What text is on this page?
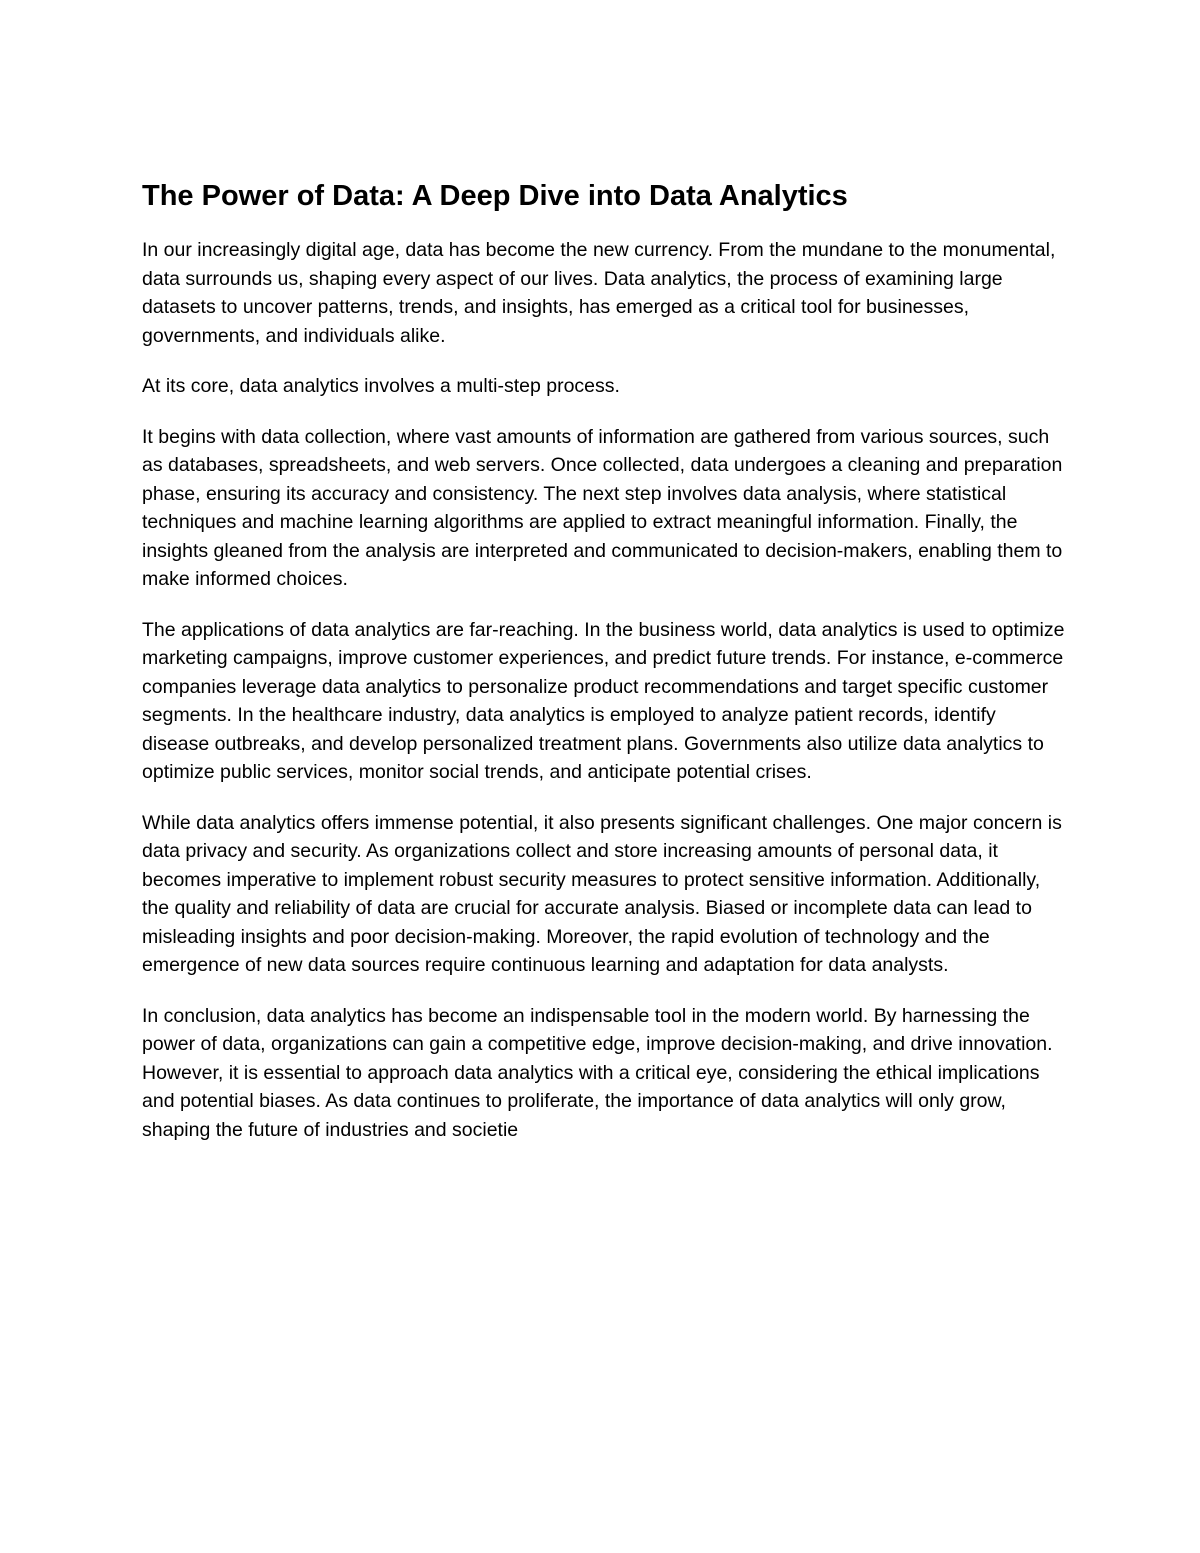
The Power of Data: A Deep Dive into Data Analytics

In our increasingly digital age, data has become the new currency. From the mundane to the monumental, data surrounds us, shaping every aspect of our lives. Data analytics, the process of examining large datasets to uncover patterns, trends, and insights, has emerged as a critical tool for businesses, governments, and individuals alike.

At its core, data analytics involves a multi-step process.

It begins with data collection, where vast amounts of information are gathered from various sources, such as databases, spreadsheets, and web servers. Once collected, data undergoes a cleaning and preparation phase, ensuring its accuracy and consistency. The next step involves data analysis, where statistical techniques and machine learning algorithms are applied to extract meaningful information. Finally, the insights gleaned from the analysis are interpreted and communicated to decision-makers, enabling them to make informed choices.

The applications of data analytics are far-reaching. In the business world, data analytics is used to optimize marketing campaigns, improve customer experiences, and predict future trends. For instance, e-commerce companies leverage data analytics to personalize product recommendations and target specific customer segments. In the healthcare industry, data analytics is employed to analyze patient records, identify disease outbreaks, and develop personalized treatment plans. Governments also utilize data analytics to optimize public services, monitor social trends, and anticipate potential crises.

While data analytics offers immense potential, it also presents significant challenges. One major concern is data privacy and security. As organizations collect and store increasing amounts of personal data, it becomes imperative to implement robust security measures to protect sensitive information. Additionally, the quality and reliability of data are crucial for accurate analysis. Biased or incomplete data can lead to misleading insights and poor decision-making. Moreover, the rapid evolution of technology and the emergence of new data sources require continuous learning and adaptation for data analysts.

In conclusion, data analytics has become an indispensable tool in the modern world. By harnessing the power of data, organizations can gain a competitive edge, improve decision-making, and drive innovation. However, it is essential to approach data analytics with a critical eye, considering the ethical implications and potential biases. As data continues to proliferate, the importance of data analytics will only grow, shaping the future of industries and societie
